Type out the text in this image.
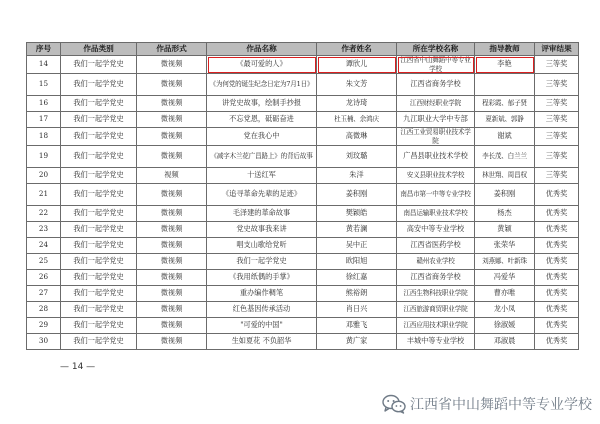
序号	作品类别	作品形式	作品名称	作者姓名	所在学校名称	指导教师	评审结果
14	我们一起学党史	微视频	《最可爱的人》	谭欣儿	江西省中山舞蹈中等专业学校	李艳	三等奖
15	我们一起学党史	微视频	《为何党的诞生纪念日定为7月1日》	朱文芳	江西省商务学校		三等奖
16	我们一起学党史	微视频	讲党史故事，绘制手抄报	龙诗琦	江西财经职业学院	程彩霞、郁子贤	三等奖
17	我们一起学党史	微视频	不忘党恩，砥砺奋进	杜玉楠、余鸿庆	九江职业大学中专部	夏新斌、郭静	三等奖
18	我们一起学党史	微视频	党在我心中	高微琳	江西工业贸易职业技术学院	谢斌	三等奖
19	我们一起学党史	微视频	《减字木兰花广昌路上》的背后故事	刘玟璐	广昌县职业技术学校	李长茂、白兰兰	三等奖
20	我们一起学党史	视频	十送红军	朱洋	安义县职业技术学校	林世翔、周昌权	三等奖
21	我们一起学党史	微视频	《追寻革命先辈的足迹》	姜积刚	南昌市第一中等专业学校	姜积刚	优秀奖
22	我们一起学党史	微视频	毛泽建的革命故事	樊颖皓	南昌运输职业技术学校	杨杰	优秀奖
23	我们一起学党史	微视频	党史故事我来讲	黄若澜	高安中等专业学校	黄颖	优秀奖
24	我们一起学党史	微视频	唱支山歌给党听	吴中正	江西省医药学校	张荣华	优秀奖
25	我们一起学党史	微视频	我们一起学党史	欧阳旭	赣州农业学校	刘燕娜、叶新珠	优秀奖
26	我们一起学党史	微视频	《我用纸偶的手掌》	徐红嘉	江西省商务学校	冯爱华	优秀奖
27	我们一起学党史	微视频	重办编作稠笔	熊裕朗	江西生物科技职业学院	曹亦唯	优秀奖
28	我们一起学党史	微视频	红色基因传承活动	肖日兴	江西旅游商贸职业学院	龙小凤	优秀奖
29	我们一起学党史	微视频	"可爱的中国"	邓雅飞	江西应用技术职业学院	徐淑媛	优秀奖
30	我们一起学党史	微视频	生如夏花 不负韶华	黄广家	丰城中等专业学校	邓淑晨	优秀奖
— 14 —
江西省中山舞蹈中等专业学校
